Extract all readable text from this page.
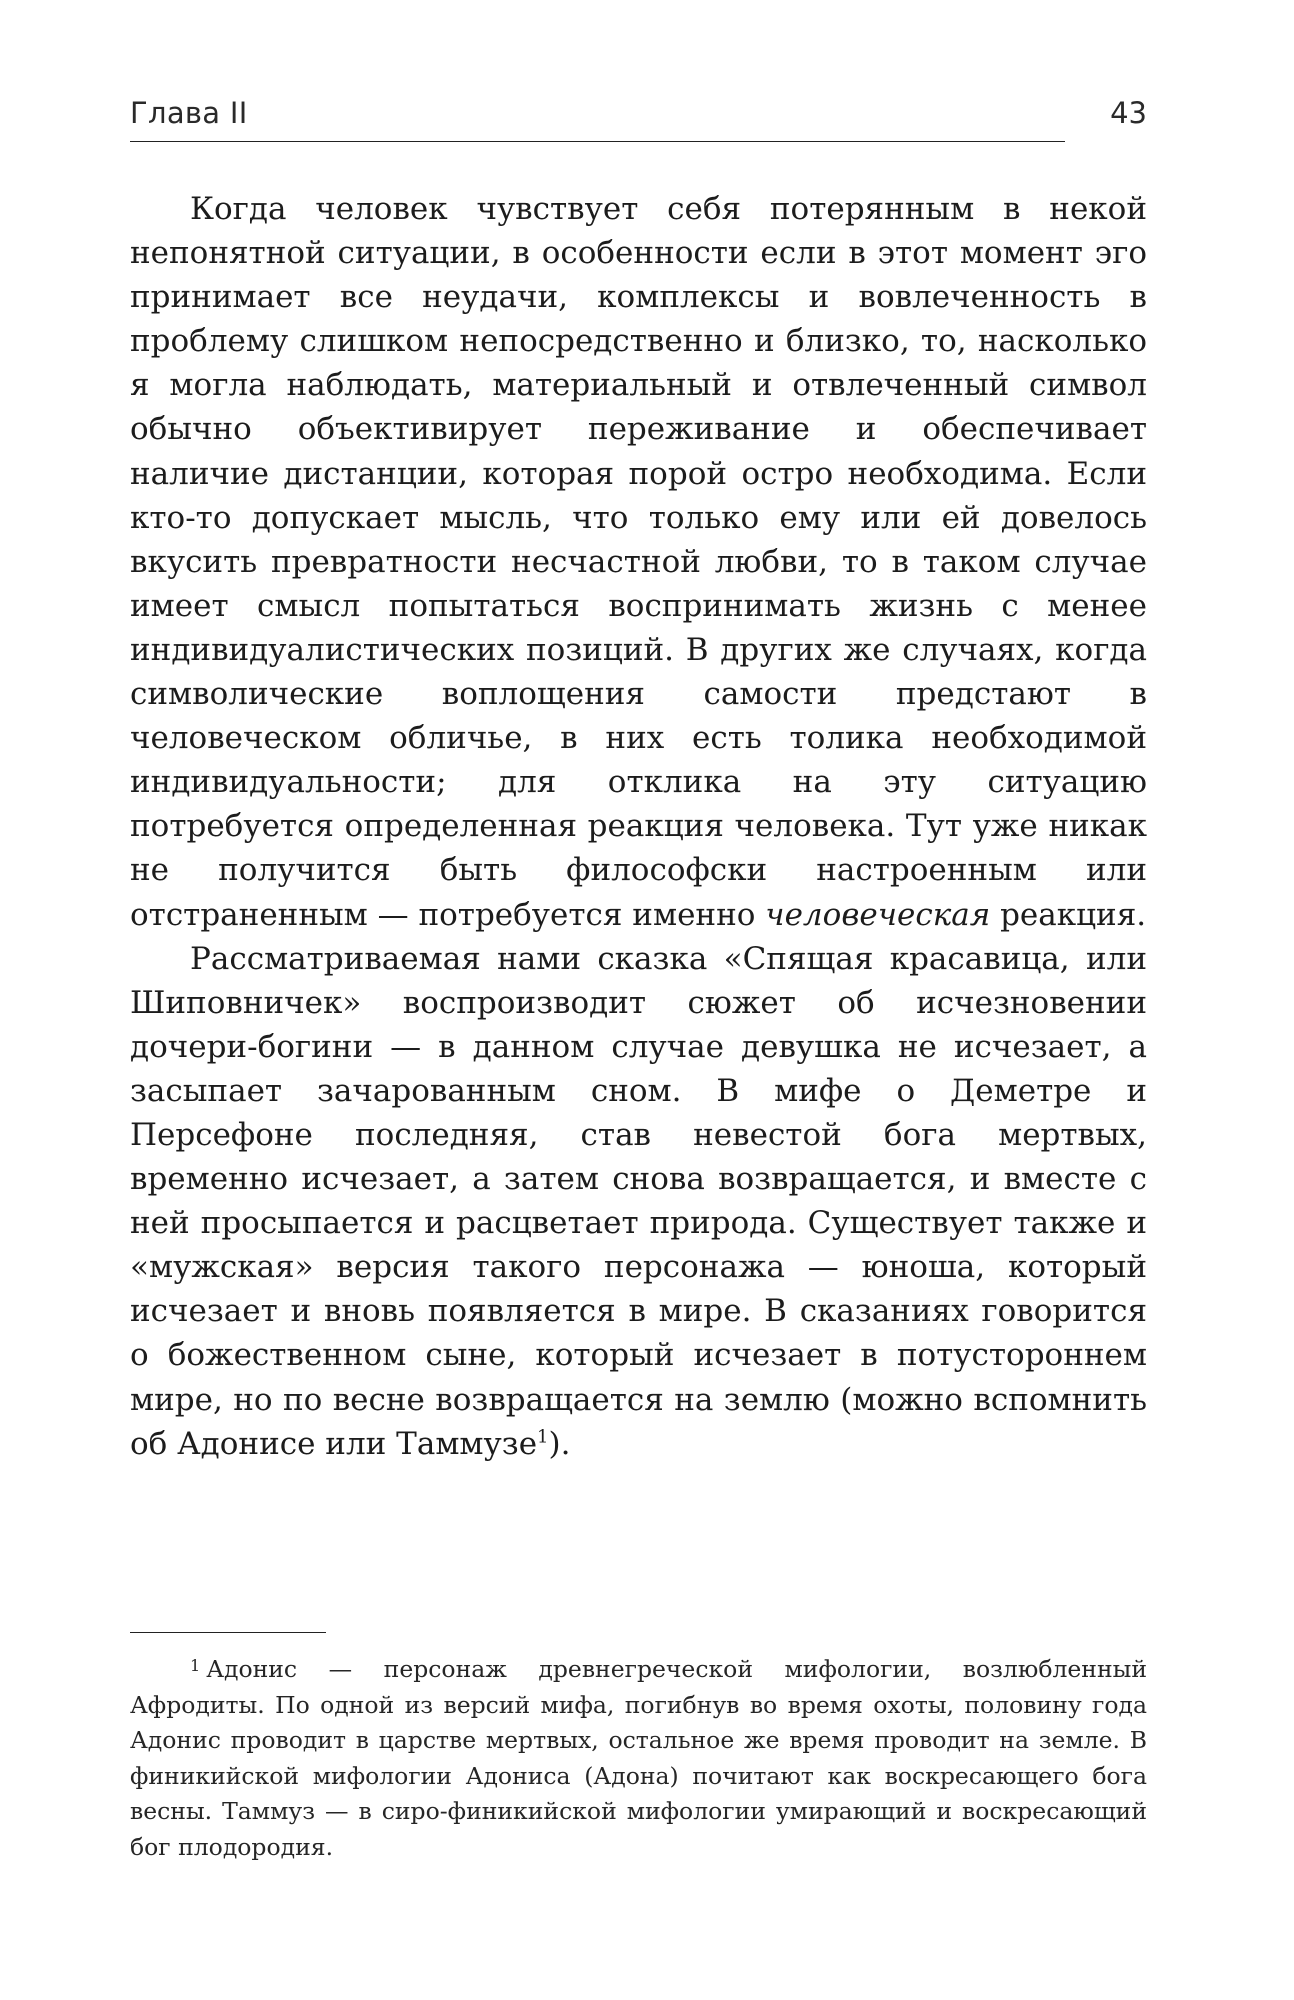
Глава II	43

Когда человек чувствует себя потерянным в некой непонятной ситуации, в особенности если в этот момент эго принимает все неудачи, комплексы и вовлеченность в проблему слишком непосредственно и близко, то, насколько я могла наблюдать, материальный и отвлеченный символ обычно объективирует переживание и обеспечивает наличие дистанции, которая порой остро необходима. Если кто-то допускает мысль, что только ему или ей довелось вкусить превратности несчастной любви, то в таком случае имеет смысл попытаться воспринимать жизнь с менее индивидуалистических позиций. В других же случаях, когда символические воплощения самости предстают в человеческом обличье, в них есть толика необходимой индивидуальности; для отклика на эту ситуацию потребуется определенная реакция человека. Тут уже никак не получится быть философски настроенным или отстраненным — потребуется именно человеческая реакция.

Рассматриваемая нами сказка «Спящая красавица, или Шиповничек» воспроизводит сюжет об исчезновении дочери-богини — в данном случае девушка не исчезает, а засыпает зачарованным сном. В мифе о Деметре и Персефоне последняя, став невестой бога мертвых, временно исчезает, а затем снова возвращается, и вместе с ней просыпается и расцветает природа. Существует также и «мужская» версия такого персонажа — юноша, который исчезает и вновь появляется в мире. В сказаниях говорится о божественном сыне, который исчезает в потустороннем мире, но по весне возвращается на землю (можно вспомнить об Адонисе или Таммузе$^1$).

$^1$ Адонис — персонаж древнегреческой мифологии, возлюбленный Афродиты. По одной из версий мифа, погибнув во время охоты, половину года Адонис проводит в царстве мертвых, остальное же время проводит на земле. В финикийской мифологии Адониса (Адона) почитают как воскресающего бога весны. Таммуз — в сиро-финикийской мифологии умирающий и воскресающий бог плодородия.
